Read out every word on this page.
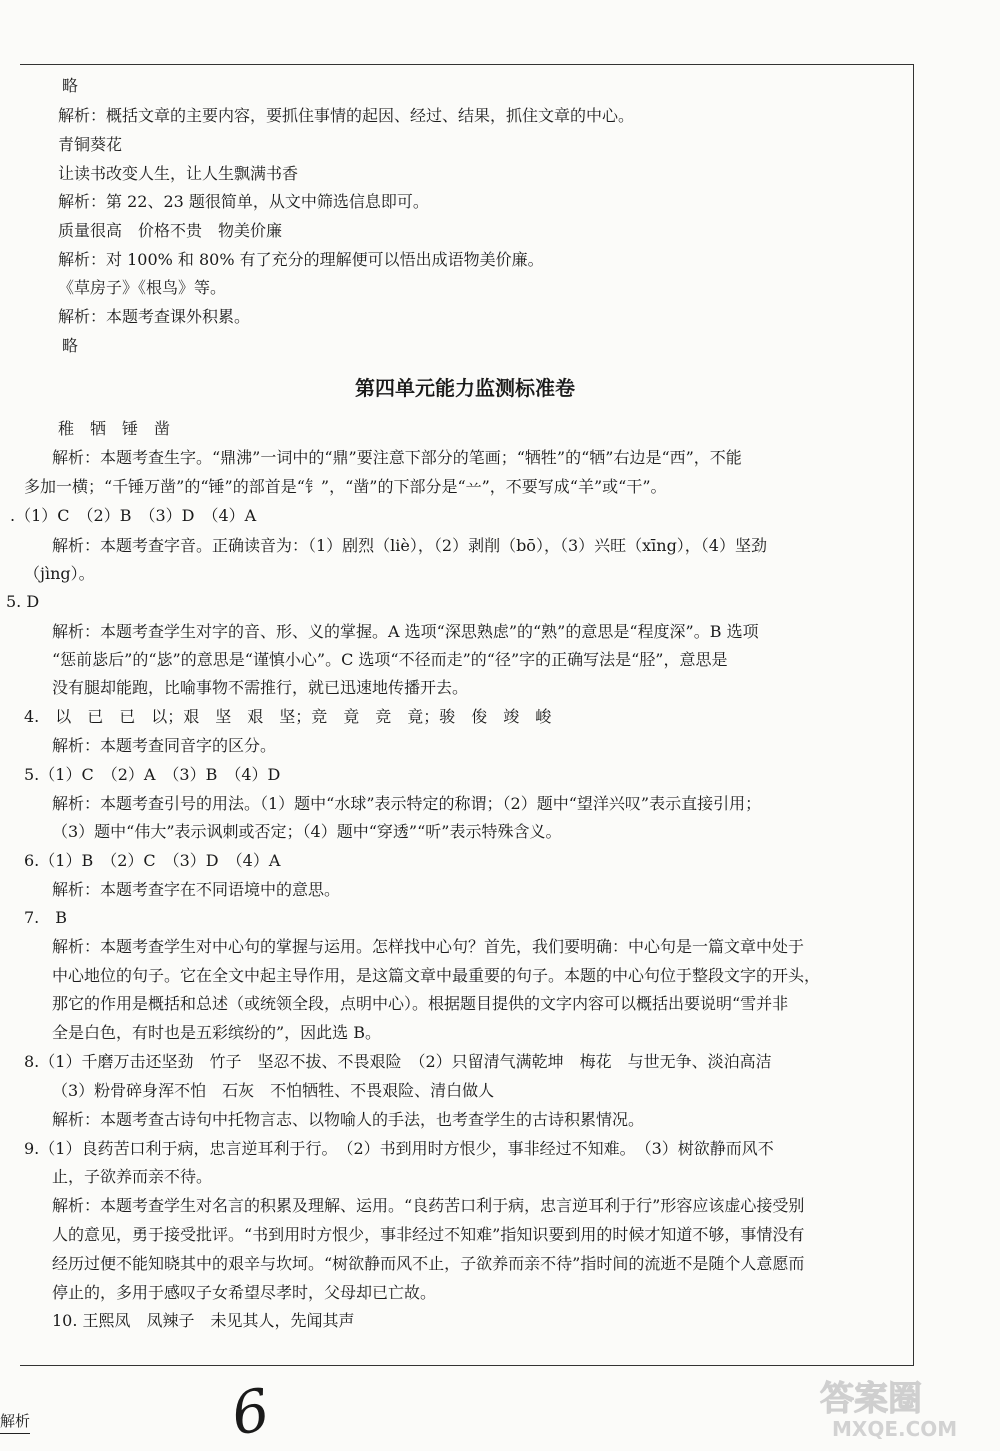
略
解析：概括文章的主要内容，要抓住事情的起因、经过、结果，抓住文章的中心。
青铜葵花
让读书改变人生，让人生飘满书香
解析：第 22、23 题很简单，从文中筛选信息即可。
质量很高　价格不贵　物美价廉
解析：对 100% 和 80% 有了充分的理解便可以悟出成语物美价廉。
《草房子》《根鸟》等。
解析：本题考查课外积累。
略
第四单元能力监测标准卷
稚　牺　锤　凿
解析：本题考查生字。“鼎沸”一词中的“鼎”要注意下部分的笔画；“牺牲”的“牺”右边是“西”，不能
多加一横；“千锤万凿”的“锤”的部首是“钅”，“凿”的下部分是“䒑”，不要写成“羊”或“干”。
.（1）C　（2）B　（3）D　（4）A
解析：本题考查字音。正确读音为：（1）剧烈（liè），（2）剥削（bō），（3）兴旺（xīng），（4）坚劲
（jìng）。
5. D
解析：本题考查学生对字的音、形、义的掌握。A 选项“深思熟虑”的“熟”的意思是“程度深”。B 选项
“惩前毖后”的“毖”的意思是“谨慎小心”。C 选项“不径而走”的“径”字的正确写法是“胫”，意思是
没有腿却能跑，比喻事物不需推行，就已迅速地传播开去。
4.　以　已　已　以；艰　坚　艰　坚；竞　竟　竞　竟；骏　俊　竣　峻
解析：本题考查同音字的区分。
5.（1）C　（2）A　（3）B　（4）D
解析：本题考查引号的用法。（1）题中“水球”表示特定的称谓；（2）题中“望洋兴叹”表示直接引用；
（3）题中“伟大”表示讽刺或否定；（4）题中“穿透”“听”表示特殊含义。
6.（1）B　（2）C　（3）D　（4）A
解析：本题考查字在不同语境中的意思。
7.　B
解析：本题考查学生对中心句的掌握与运用。怎样找中心句？首先，我们要明确：中心句是一篇文章中处于
中心地位的句子。它在全文中起主导作用，是这篇文章中最重要的句子。本题的中心句位于整段文字的开头，
那它的作用是概括和总述（或统领全段，点明中心）。根据题目提供的文字内容可以概括出要说明“雪并非
全是白色，有时也是五彩缤纷的”，因此选 B。
8.（1）千磨万击还坚劲　竹子　坚忍不拔、不畏艰险　（2）只留清气满乾坤　梅花　与世无争、淡泊高洁
（3）粉骨碎身浑不怕　石灰　不怕牺牲、不畏艰险、清白做人
解析：本题考查古诗句中托物言志、以物喻人的手法，也考查学生的古诗积累情况。
9.（1）良药苦口利于病，忠言逆耳利于行。　（2）书到用时方恨少，事非经过不知难。　（3）树欲静而风不
止，子欲养而亲不待。
解析：本题考查学生对名言的积累及理解、运用。“良药苦口利于病，忠言逆耳利于行”形容应该虚心接受别
人的意见，勇于接受批评。“书到用时方恨少，事非经过不知难”指知识要到用的时候才知道不够，事情没有
经历过便不能知晓其中的艰辛与坎坷。“树欲静而风不止，子欲养而亲不待”指时间的流逝不是随个人意愿而
停止的，多用于感叹子女希望尽孝时，父母却已亡故。
10. 王熙凤　凤辣子　未见其人，先闻其声
解析	6	答案圈
MXQE.COM
